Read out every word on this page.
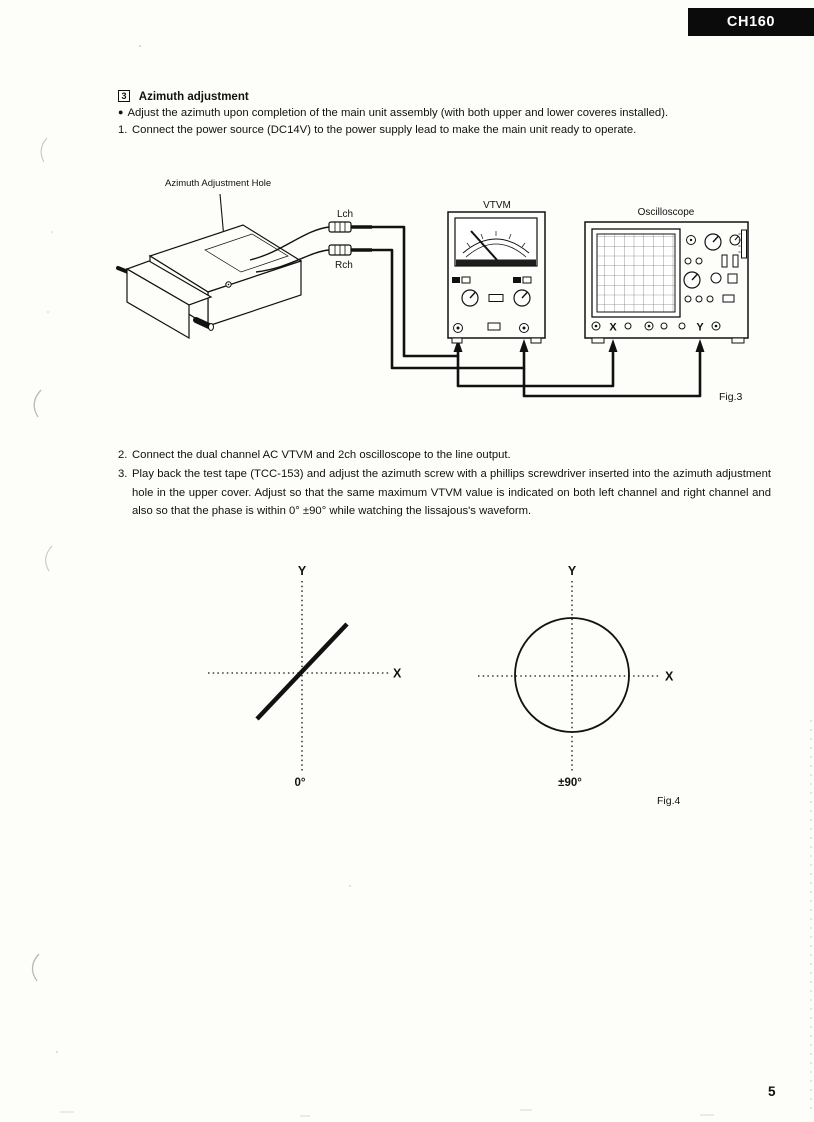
CH160
3 Azimuth adjustment
● Adjust the azimuth upon completion of the main unit assembly (with both upper and lower coveres installed).
1. Connect the power source (DC14V) to the power supply lead to make the main unit ready to operate.
2. Connect the dual channel AC VTVM and 2ch oscilloscope to the line output.
3. Play back the test tape (TCC-153) and adjust the azimuth screw with a phillips screwdriver inserted into the azimuth adjustment hole in the upper cover. Adjust so that the same maximum VTVM value is indicated on both left channel and right channel and also so that the phase is within 0° ±90° while watching the lissajous's waveform.
Azimuth Adjustment Hole
Lch
Rch
VTVM
Oscilloscope
X	Y
Fig.3
Y
X
0°
Y
X
±90°
Fig.4
5
